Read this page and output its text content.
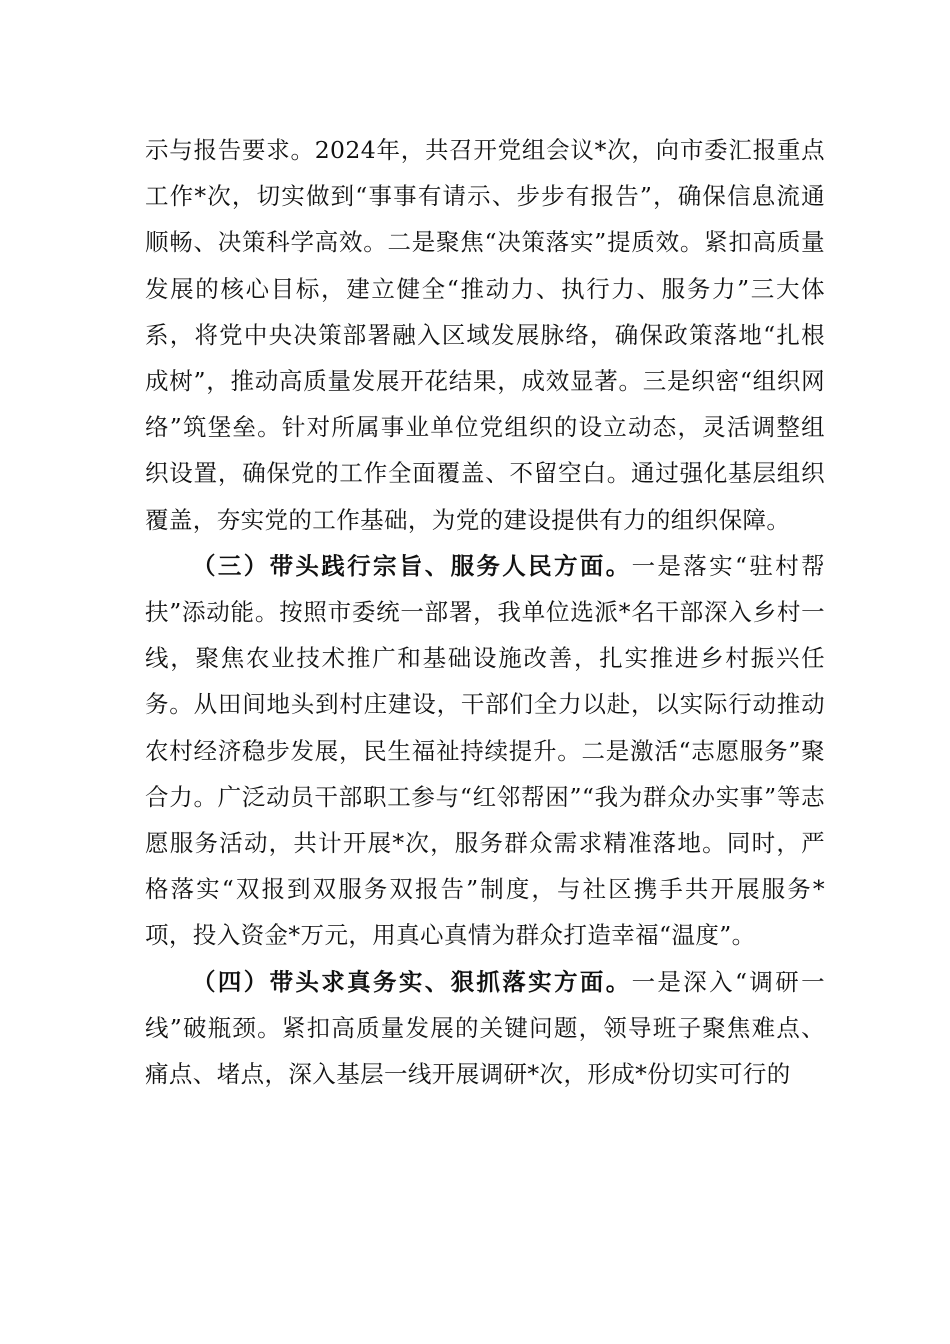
示与报告要求。2024年，共召开党组会议*次，向市委汇报重点工作*次，切实做到“事事有请示、步步有报告”，确保信息流通顺畅、决策科学高效。二是聚焦“决策落实”提质效。紧扣高质量发展的核心目标，建立健全“推动力、执行力、服务力”三大体系，将党中央决策部署融入区域发展脉络，确保政策落地“扎根成树”，推动高质量发展开花结果，成效显著。三是织密“组织网络”筑堡垒。针对所属事业单位党组织的设立动态，灵活调整组织设置，确保党的工作全面覆盖、不留空白。通过强化基层组织覆盖，夯实党的工作基础，为党的建设提供有力的组织保障。

（三）带头践行宗旨、服务人民方面。一是落实“驻村帮扶”添动能。按照市委统一部署，我单位选派*名干部深入乡村一线，聚焦农业技术推广和基础设施改善，扎实推进乡村振兴任务。从田间地头到村庄建设，干部们全力以赴，以实际行动推动农村经济稳步发展，民生福祉持续提升。二是激活“志愿服务”聚合力。广泛动员干部职工参与“红邻帮困”“我为群众办实事”等志愿服务活动，共计开展*次，服务群众需求精准落地。同时，严格落实“双报到双服务双报告”制度，与社区携手共开展服务*项，投入资金*万元，用真心真情为群众打造幸福“温度”。

（四）带头求真务实、狠抓落实方面。一是深入“调研一线”破瓶颈。紧扣高质量发展的关键问题，领导班子聚焦难点、痛点、堵点，深入基层一线开展调研*次，形成*份切实可行的
